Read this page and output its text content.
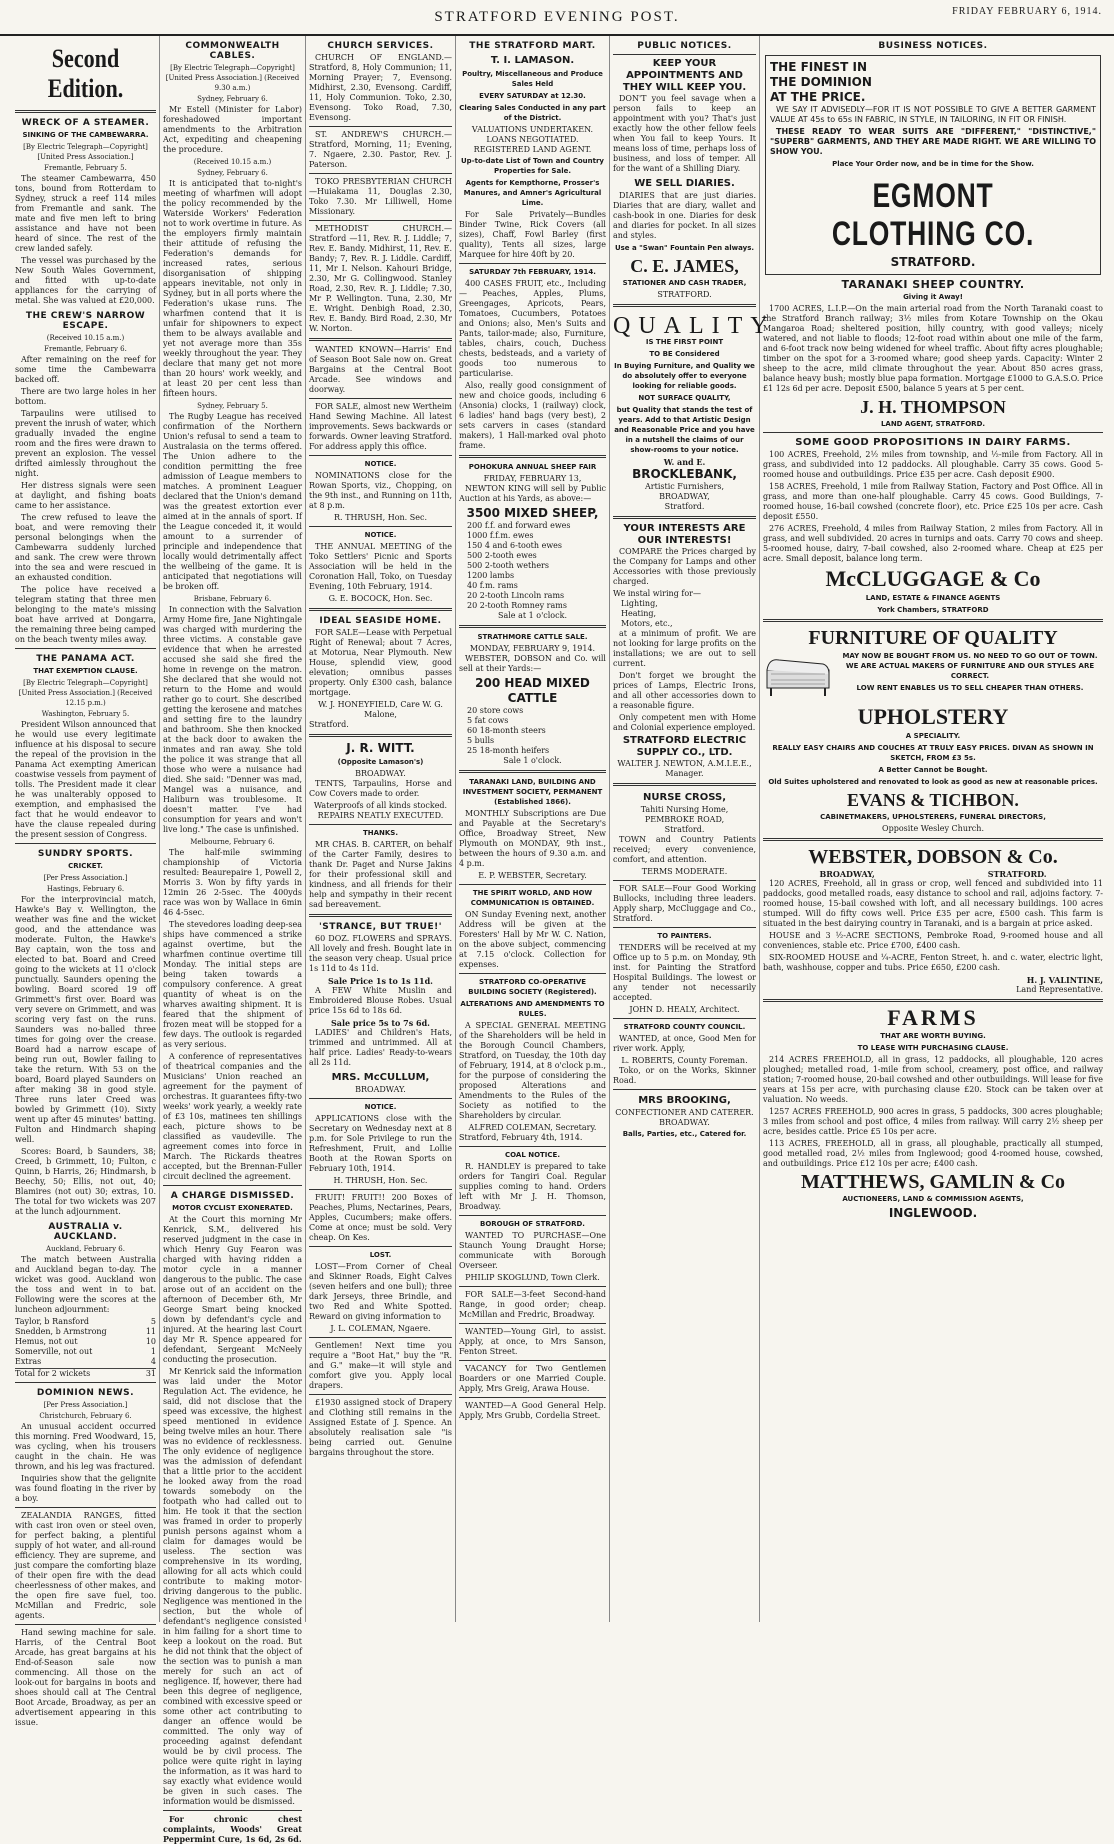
STRATFORD EVENING POST.	FRIDAY FEBRUARY 6, 1914.
Second Edition.
WRECK OF A STEAMER.
SINKING OF THE CAMBEWARRA.
[By Electric Telegraph—Copyright] [United Press Association.]
Fremantle, February 5.

The steamer Cambewarra, 450 tons, bound from Rotterdam to Sydney, struck a reef 114 miles from Fremantle and sank. The mate and five men left to bring assistance and have not been heard of since. The rest of the crew landed safely.

The vessel was purchased by the New South Wales Government, and fitted with up-to-date appliances for the carrying of metal. She was valued at £20,000.

THE CREW'S NARROW ESCAPE.
(Received 10.15 a.m.)
Fremantle, February 6.

After remaining on the reef for some time the Cambewarra backed off.

There are two large holes in her bottom.

Tarpaulins were utilised to prevent the inrush of water, which gradually invaded the engine room and the fires were drawn to prevent an explosion. The vessel drifted aimlessly throughout the night.

Her distress signals were seen at daylight, and fishing boats came to her assistance.

The crew refused to leave the boat, and were removing their personal belongings when the Cambewarra suddenly lurched and sank. The crew were thrown into the sea and were rescued in an exhausted condition.

The police have received a telegram stating that three men belonging to the mate's missing boat have arrived at Dongarra, the remaining three being camped on the beach twenty miles away.

THE PANAMA ACT.
THAT EXEMPTION CLAUSE.
[By Electric Telegraph—Copyright] [United Press Association.] (Received 12.15 p.m.)
Washington, February 5.

President Wilson announced that he would use every legitimate influence at his disposal to secure the repeal of the provision in the Panama Act exempting American coastwise vessels from payment of tolls. The President made it clear he was unalterably opposed to exemption, and emphasised the fact that he would endeavor to have the clause repealed during the present session of Congress.

SUNDRY SPORTS.
CRICKET.
[Per Press Association.]
Hastings, February 6.

For the interprovincial match, Hawke's Bay v. Wellington, the weather was fine and the wicket good, and the attendance was moderate. Fulton, the Hawke's Bay captain, won the toss and elected to bat. Board and Creed going to the wickets at 11 o'clock punctually. Saunders opening the bowling. Board scored 19 off Grimmett's first over. Board was very severe on Grimmett, and was scoring very fast on the runs. Saunders was no-balled three times for going over the crease. Board had a narrow escape of being run out, Bowler failing to take the return. With 53 on the board, Board played Saunders on after making 38 in good style. Three runs later Creed was bowled by Grimmett (10). Sixty went up after 45 minutes' batting. Fulton and Hindmarch shaping well.

Scores: Board, b Saunders, 38; Creed, b Grimmett, 10; Fulton, c Quinn, b Harris, 26; Hindmarsh, b Beechy, 50; Ellis, not out, 40; Blamires (not out) 30; extras, 10. The total for two wickets was 207 at the lunch adjournment.

AUSTRALIA v. AUCKLAND.
Auckland, February 6.

The match between Australia and Auckland began to-day. The wicket was good. Auckland won the toss and went in to bat. Following were the scores at the luncheon adjournment:

Taylor, b Ransford	5
Snedden, b Armstrong	11
Hemus, not out	10
Somerville, not out	1
Extras	4
Total for 2 wickets	31
DOMINION NEWS.
[Per Press Association.]
Christchurch, February 6.

An unusual accident occurred this morning. Fred Woodward, 15, was cycling, when his trousers caught in the chain. He was thrown, and his leg was fractured.

Inquiries show that the gelignite was found floating in the river by a boy.

ZEALANDIA RANGES, fitted with cast iron oven or steel oven, for perfect baking, a plentiful supply of hot water, and all-round efficiency. They are supreme, and just compare the comforting blaze of their open fire with the dead cheerlessness of other makes, and the open fire save fuel, too. McMillan and Fredric, sole agents.

Hand sewing machine for sale. Harris, of the Central Boot Arcade, has great bargains at his End-of-Season sale now commencing. All those on the look-out for bargains in boots and shoes should call at The Central Boot Arcade, Broadway, as per an advertisement appearing in this issue.

COMMONWEALTH CABLES.
[By Electric Telegraph—Copyright] [United Press Association.] (Received 9.30 a.m.)
Sydney, February 6.

Mr Estell (Minister for Labor) foreshadowed important amendments to the Arbitration Act, expediting and cheapening the procedure.

(Received 10.15 a.m.)
Sydney, February 6.

It is anticipated that to-night's meeting of wharfmen will adopt the policy recommended by the Waterside Workers' Federation not to work overtime in future. As the employers firmly maintain their attitude of refusing the Federation's demands for increased rates, serious disorganisation of shipping appears inevitable, not only in Sydney, but in all ports where the Federation's ukase runs. The wharfmen contend that it is unfair for shipowners to expect them to be always available and yet not average more than 35s weekly throughout the year. They declare that many get not more than 20 hours' work weekly, and at least 20 per cent less than fifteen hours.

Sydney, February 5.

The Rugby League has received confirmation of the Northern Union's refusal to send a team to Australasia on the terms offered. The Union adhere to the condition permitting the free admission of League members to matches. A prominent Leaguer declared that the Union's demand was the greatest extortion ever aimed at in the annals of sport. If the League conceded it, it would amount to a surrender of principle and independence that locally would detrimentally affect the wellbeing of the game. It is anticipated that negotiations will be broken off.

Brisbane, February 6.

In connection with the Salvation Army Home fire, Jane Nightingale was charged with murdering the three victims. A constable gave evidence that when he arrested accused she said she fired the home in revenge on the matron. She declared that she would not return to the Home and would rather go to court. She described getting the kerosene and matches and setting fire to the laundry and bathroom. She then knocked at the back door to awaken the inmates and ran away. She told the police it was strange that all those who were a nuisance had died. She said: "Denner was mad, Mangel was a nuisance, and Haliburn was troublesome. It doesn't matter. I've had consumption for years and won't live long." The case is unfinished.

Melbourne, February 6.

The half-mile swimming championship of Victoria resulted: Beaurepaire 1, Powell 2, Morris 3. Won by fifty yards in 12min 26 2-5sec. The 400yds race was won by Wallace in 6min 46 4-5sec.

The stevedores loading deep-sea ships have commenced a strike against overtime, but the wharfmen continue overtime till Monday. The initial steps are being taken towards a compulsory conference. A great quantity of wheat is on the wharves awaiting shipment. It is feared that the shipment of frozen meat will be stopped for a few days. The outlook is regarded as very serious.

A conference of representatives of theatrical companies and the Musicians' Union reached an agreement for the payment of orchestras. It guarantees fifty-two weeks' work yearly, a weekly rate of £3 10s, matinees ten shillings each, picture shows to be classified as vaudeville. The agreement comes into force in March. The Rickards theatres accepted, but the Brennan-Fuller circuit declined the agreement.

A CHARGE DISMISSED.
MOTOR CYCLIST EXONERATED.

At the Court this morning Mr Kenrick, S.M., delivered his reserved judgment in the case in which Henry Guy Fearon was charged with having ridden a motor cycle in a manner dangerous to the public. The case arose out of an accident on the afternoon of December 6th, Mr George Smart being knocked down by defendant's cycle and injured. At the hearing last Court day Mr R. Spence appeared for defendant, Sergeant McNeely conducting the prosecution.

Mr Kenrick said the information was laid under the Motor Regulation Act. The evidence, he said, did not disclose that the speed was excessive, the highest speed mentioned in evidence being twelve miles an hour. There was no evidence of recklessness. The only evidence of negligence was the admission of defendant that a little prior to the accident he looked away from the road towards somebody on the footpath who had called out to him. He took it that the section was framed in order to properly punish persons against whom a claim for damages would be useless. The section was comprehensive in its wording, allowing for all acts which could contribute to making motor-driving dangerous to the public. Negligence was mentioned in the section, but the whole of defendant's negligence consisted in him failing for a short time to keep a lookout on the road. But he did not think that the object of the section was to punish a man merely for such an act of negligence. If, however, there had been this degree of negligence, combined with excessive speed or some other act contributing to danger an offence would be committed. The only way of proceeding against defendant would be by civil process. The police were quite right in laying the information, as it was hard to say exactly what evidence would be given in such cases. The information would be dismissed.

For chronic chest complaints, Woods' Great Peppermint Cure, 1s 6d, 2s 6d.

CHURCH SERVICES.

CHURCH OF ENGLAND.—Stratford, 8, Holy Communion; 11, Morning Prayer; 7, Evensong. Midhirst, 2.30, Evensong. Cardiff, 11, Holy Communion. Toko, 2.30, Evensong. Toko Road, 7.30, Evensong.

ST. ANDREW'S CHURCH.—Stratford, Morning, 11; Evening, 7. Ngaere, 2.30. Pastor, Rev. J. Paterson.

TOKO PRESBYTERIAN CHURCH—Huiakama 11, Douglas 2.30, Toko 7.30. Mr Lilliwell, Home Missionary.

METHODIST CHURCH.—Stratford —11, Rev. R. J. Liddle; 7, Rev. E. Bandy. Midhirst, 11, Rev. E. Bandy; 7, Rev. R. J. Liddle. Cardiff, 11, Mr I. Nelson. Kahouri Bridge, 2.30, Mr G. Collingwood. Stanley Road, 2.30, Rev. R. J. Liddle; 7.30, Mr P. Wellington. Tuna, 2.30, Mr E. Wright. Denbigh Road, 2.30, Rev. E. Bandy. Bird Road, 2.30, Mr W. Norton.

WANTED KNOWN—Harris' End of Season Boot Sale now on. Great Bargains at the Central Boot Arcade. See windows and doorway.

FOR SALE, almost new Wertheim Hand Sewing Machine. All latest improvements. Sews backwards or forwards. Owner leaving Stratford. For address apply this office.

NOTICE.

NOMINATIONS close for the Rowan Sports, viz., Chopping, on the 9th inst., and Running on 11th, at 8 p.m.

R. THRUSH, Hon. Sec.
NOTICE.

THE ANNUAL MEETING of the Toko Settlers' Picnic and Sports Association will be held in the Coronation Hall, Toko, on Tuesday Evening, 10th February, 1914.

G. E. BOCOCK, Hon. Sec.
IDEAL SEASIDE HOME.

FOR SALE—Lease with Perpetual Right of Renewal; about 7 Acres, at Motorua, Near Plymouth. New House, splendid view, good elevation; omnibus passes property. Only £300 cash, balance mortgage.

W. J. HONEYFIELD, Care W. G. Malone,
Stratford.
J. R. WITT.
(Opposite Lamason's)
BROADWAY.

TENTS, Tarpaulins, Horse and Cow Covers made to order.

Waterproofs of all kinds stocked.
REPAIRS NEATLY EXECUTED.
THANKS.

MR CHAS. B. CARTER, on behalf of the Carter Family, desires to thank Dr. Paget and Nurse Jakins for their professional skill and kindness, and all friends for their help and sympathy in their recent sad bereavement.

'STRANCE, BUT TRUE!'

60 DOZ. FLOWERS and SPRAYS. All lovely and fresh. Bought late in the season very cheap. Usual price 1s 11d to 4s 11d.

Sale Price 1s to 1s 11d.

A FEW White Muslin and Embroidered Blouse Robes. Usual price 15s 6d to 18s 6d.

Sale price 5s to 7s 6d.

LADIES' and Children's Hats, trimmed and untrimmed. All at half price. Ladies' Ready-to-wears all 2s 11d.

MRS. McCULLUM,
BROADWAY.
NOTICE.

APPLICATIONS close with the Secretary on Wednesday next at 8 p.m. for Sole Privilege to run the Refreshment, Fruit, and Lollie Booth at the Rowan Sports on February 10th, 1914.

H. THRUSH, Hon. Sec.

FRUIT! FRUIT!! 200 Boxes of Peaches, Plums, Nectarines, Pears, Apples, Cucumbers; make offers. Come at once; must be sold. Very cheap. On Kes.

LOST.

LOST—From Corner of Cheal and Skinner Roads, Eight Calves (seven heifers and one bull); three dark Jerseys, three Brindle, and two Red and White Spotted. Reward on giving information to

J. L. COLEMAN, Ngaere.

Gentlemen! Next time you require a "Boot Hat," buy the "R. and G." make—it will style and comfort give you. Apply local drapers.

£1930 assigned stock of Drapery and Clothing still remains in the Assigned Estate of J. Spence. An absolutely realisation sale "is being carried out. Genuine bargains throughout the store.

THE STRATFORD MART.
T. I. LAMASON.
Poultry, Miscellaneous and Produce Sales Held
EVERY SATURDAY at 12.30.
Clearing Sales Conducted in any part of the District.
VALUATIONS UNDERTAKEN.
LOANS NEGOTIATED.
REGISTERED LAND AGENT.
Up-to-date List of Town and Country Properties for Sale.
Agents for Kempthorne, Prosser's Manures, and Amner's Agricultural Lime.

For Sale Privately—Bundles Binder Twine, Rick Covers (all sizes), Chaff, Fowl Barley (first quality), Tents all sizes, large Marquee for hire 40ft by 20.

SATURDAY 7th FEBRUARY, 1914.

400 CASES FRUIT, etc., Including— Peaches, Apples, Plums, Greengages, Apricots, Pears, Tomatoes, Cucumbers, Potatoes and Onions; also, Men's Suits and Pants, tailor-made; also, Furniture, tables, chairs, couch, Duchess chests, bedsteads, and a variety of goods too numerous to particularise.

Also, really good consignment of new and choice goods, including 6 (Ansonia) clocks, 1 (railway) clock, 6 ladies' hand bags (very best), 2 sets carvers in cases (standard makers), 1 Hall-marked oval photo frame.

POHOKURA ANNUAL SHEEP FAIR
FRIDAY, FEBRUARY 13,

NEWTON KING will sell by Public Auction at his Yards, as above:—

3500 MIXED SHEEP,
200 f.f. and forward ewes
1000 f.f.m. ewes
150 4 and 6-tooth ewes
500 2-tooth ewes
500 2-tooth wethers
1200 lambs
40 f.m. rams
20 2-tooth Lincoln rams
20 2-tooth Romney rams
Sale at 1 o'clock.
STRATHMORE CATTLE SALE.
MONDAY, FEBRUARY 9, 1914.

WEBSTER, DOBSON and Co. will sell at their Yards:—

200 HEAD MIXED CATTLE
20 store cows
5 fat cows
60 18-month steers
5 bulls
25 18-month heifers
Sale 1 o'clock.
TARANAKI LAND, BUILDING AND INVESTMENT SOCIETY, PERMANENT (Established 1866).

MONTHLY Subscriptions are Due and Payable at the Secretary's Office, Broadway Street, New Plymouth on MONDAY, 9th inst., between the hours of 9.30 a.m. and 4 p.m.

E. P. WEBSTER, Secretary.
THE SPIRIT WORLD, AND HOW COMMUNICATION IS OBTAINED.

ON Sunday Evening next, another Address will be given at the Foresters' Hall by Mr W. C. Nation, on the above subject, commencing at 7.15 o'clock. Collection for expenses.

STRATFORD CO-OPERATIVE BUILDING SOCIETY (Registered).
ALTERATIONS AND AMENDMENTS TO RULES.

A SPECIAL GENERAL MEETING of the Shareholders will be held in the Borough Council Chambers, Stratford, on Tuesday, the 10th day of February, 1914, at 8 o'clock p.m., for the purpose of considering the proposed Alterations and Amendments to the Rules of the Society as notified to the Shareholders by circular.

ALFRED COLEMAN, Secretary.
Stratford, February 4th, 1914.
COAL NOTICE.

R. HANDLEY is prepared to take orders for Tangiri Coal. Regular supplies coming to hand. Orders left with Mr J. H. Thomson, Broadway.

BOROUGH OF STRATFORD.

WANTED TO PURCHASE—One Staunch Young Draught Horse; communicate with Borough Overseer.

PHILIP SKOGLUND, Town Clerk.

FOR SALE—3-feet Second-hand Range, in good order; cheap. McMillan and Fredric, Broadway.

WANTED—Young Girl, to assist. Apply, at once, to Mrs Sanson, Fenton Street.

VACANCY for Two Gentlemen Boarders or one Married Couple. Apply, Mrs Greig, Arawa House.

WANTED—A Good General Help. Apply, Mrs Grubb, Cordelia Street.

PUBLIC NOTICES.
KEEP YOUR APPOINTMENTS AND THEY WILL KEEP YOU.

DON'T you feel savage when a person fails to keep an appointment with you? That's just exactly how the other fellow feels when You fail to keep Yours. It means loss of time, perhaps loss of business, and loss of temper. All for the want of a Shilling Diary.

WE SELL DIARIES.

DIARIES that are just diaries. Diaries that are diary, wallet and cash-book in one. Diaries for desk and diaries for pocket. In all sizes and styles.

Use a "Swan" Fountain Pen always.
C. E. JAMES,
STATIONER AND CASH TRADER,
STRATFORD.
QUALITY
IS THE FIRST POINT
TO BE Considered
In Buying Furniture, and Quality we do absolutely offer to everyone looking for reliable goods.
NOT SURFACE QUALITY,
but Quality that stands the test of years. Add to that Artistic Design and Reasonable Price and you have in a nutshell the claims of our show-rooms to your notice.
W. and E.
BROCKLEBANK,
Artistic Furnishers,
BROADWAY,
Stratford.
YOUR INTERESTS ARE OUR INTERESTS!

COMPARE the Prices charged by the Company for Lamps and other Accessories with those previously charged.

We instal wiring for—
Lighting,
Heating,
Motors, etc.,

at a minimum of profit. We are not looking for large profits on the installations; we are out to sell current.

Don't forget we brought the prices of Lamps, Electric Irons, and all other accessories down to a reasonable figure.

Only competent men with Home and Colonial experience employed.

STRATFORD ELECTRIC SUPPLY CO., LTD.
WALTER J. NEWTON, A.M.I.E.E., Manager.
NURSE CROSS,
Tahiti Nursing Home,
PEMBROKE ROAD,
Stratford.

TOWN and Country Patients received; every convenience, comfort, and attention.

TERMS MODERATE.

FOR SALE—Four Good Working Bullocks, including three leaders. Apply sharp, McCluggage and Co., Stratford.

TO PAINTERS.

TENDERS will be received at my Office up to 5 p.m. on Monday, 9th inst. for Painting the Stratford Hospital Buildings. The lowest or any tender not necessarily accepted.

JOHN D. HEALY, Architect.
STRATFORD COUNTY COUNCIL.

WANTED, at once, Good Men for river work. Apply,

L. ROBERTS, County Foreman.

Toko, or on the Works, Skinner Road.

MRS BROOKING,
CONFECTIONER AND CATERER. BROADWAY.
Balls, Parties, etc., Catered for.
BUSINESS NOTICES.
THE FINEST IN
THE DOMINION
AT THE PRICE.

WE SAY IT ADVISEDLY—FOR IT IS NOT POSSIBLE TO GIVE A BETTER GARMENT VALUE AT 45s to 65s IN FABRIC, IN STYLE, IN TAILORING, IN FIT OR FINISH.

THESE READY TO WEAR SUITS ARE "DIFFERENT," "DISTINCTIVE," "SUPERB" GARMENTS, AND THEY ARE MADE RIGHT. WE ARE WILLING TO SHOW YOU.

Place Your Order now, and be in time for the Show.
EGMONT CLOTHING CO.
STRATFORD.
TARANAKI SHEEP COUNTRY.
Giving it Away!

1700 ACRES, L.I.P.—On the main arterial road from the North Taranaki coast to the Stratford Branch railway; 3½ miles from Kotare Township on the Okau Mangaroa Road; sheltered position, hilly country, with good valleys; nicely watered, and not liable to floods; 12-foot road within about one mile of the farm, and 6-foot track now being widened for wheel traffic. About fifty acres ploughable; timber on the spot for a 3-roomed whare; good sheep yards. Capacity: Winter 2 sheep to the acre, mild climate throughout the year. About 850 acres grass, balance heavy bush; mostly blue papa formation. Mortgage £1000 to G.A.S.O. Price £1 12s 6d per acre. Deposit £500, balance 5 years at 5 per cent.

J. H. THOMPSON
LAND AGENT, STRATFORD.
SOME GOOD PROPOSITIONS IN DAIRY FARMS.

100 ACRES, Freehold, 2½ miles from township, and ½-mile from Factory. All in grass, and subdivided into 12 paddocks. All ploughable. Carry 35 cows. Good 5-roomed house and outbuildings. Price £35 per acre. Cash deposit £900.

158 ACRES, Freehold, 1 mile from Railway Station, Factory and Post Office. All in grass, and more than one-half ploughable. Carry 45 cows. Good Buildings, 7-roomed house, 16-bail cowshed (concrete floor), etc. Price £25 10s per acre. Cash deposit £550.

276 ACRES, Freehold, 4 miles from Railway Station, 2 miles from Factory. All in grass, and well subdivided. 20 acres in turnips and oats. Carry 70 cows and sheep. 5-roomed house, dairy, 7-bail cowshed, also 2-roomed whare. Cheap at £25 per acre. Small deposit, balance long term.

McCLUGGAGE & Co
LAND, ESTATE & FINANCE AGENTS
York Chambers, STRATFORD
FURNITURE OF QUALITY
MAY NOW BE BOUGHT FROM US. NO NEED TO GO OUT OF TOWN. WE ARE ACTUAL MAKERS OF FURNITURE AND OUR STYLES ARE CORRECT.
LOW RENT ENABLES US TO SELL CHEAPER THAN OTHERS.
UPHOLSTERY
A SPECIALITY.
REALLY EASY CHAIRS AND COUCHES AT TRULY EASY PRICES. DIVAN AS SHOWN IN SKETCH, FROM £3 5s.
A Better Cannot be Bought.
Old Suites upholstered and renovated to look as good as new at reasonable prices.
EVANS & TICHBON.
CABINETMAKERS, UPHOLSTERERS, FUNERAL DIRECTORS,
Opposite Wesley Church.
WEBSTER, DOBSON & Co.
BROADWAY,	STRATFORD.

120 ACRES, Freehold, all in grass or crop, well fenced and subdivided into 11 paddocks, good metalled roads, easy distance to school and rail, adjoins factory. 7-roomed house, 15-bail cowshed with loft, and all necessary buildings. 100 acres stumped. Will do fifty cows well. Price £35 per acre, £500 cash. This farm is situated in the best dairying country in Taranaki, and is a bargain at price asked.

HOUSE and 3 ½-ACRE SECTIONS, Pembroke Road, 9-roomed house and all conveniences, stable etc. Price £700, £400 cash.

SIX-ROOMED HOUSE and ¼-ACRE, Fenton Street, h. and c. water, electric light, bath, washhouse, copper and tubs. Price £650, £200 cash.

H. J. VALINTINE,
Land Representative.
FARMS
THAT ARE WORTH BUYING.
TO LEASE WITH PURCHASING CLAUSE.

214 ACRES FREEHOLD, all in grass, 12 paddocks, all ploughable, 120 acres ploughed; metalled road, 1-mile from school, creamery, post office, and railway station; 7-roomed house, 20-bail cowshed and other outbuildings. Will lease for five years at 15s per acre, with purchasing clause £20. Stock can be taken over at valuation. No weeds.

1257 ACRES FREEHOLD, 900 acres in grass, 5 paddocks, 300 acres ploughable; 3 miles from school and post office, 4 miles from railway. Will carry 2½ sheep per acre, besides cattle. Price £5 10s per acre.

113 ACRES, FREEHOLD, all in grass, all ploughable, practically all stumped, good metalled road, 2½ miles from Inglewood; good 4-roomed house, cowshed, and outbuildings. Price £12 10s per acre; £400 cash.

MATTHEWS, GAMLIN & Co
AUCTIONEERS, LAND & COMMISSION AGENTS,
INGLEWOOD.
